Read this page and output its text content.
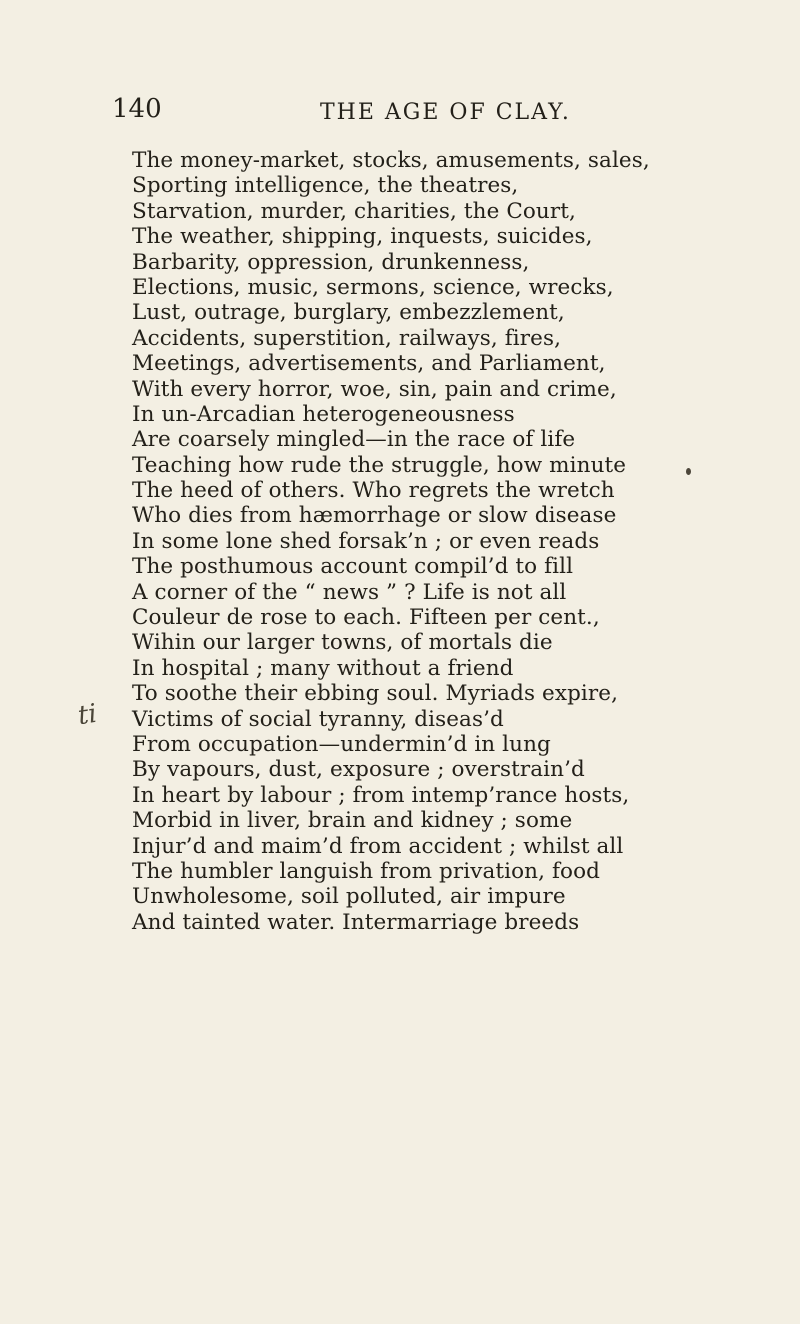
140	THE AGE OF CLAY.
ti
The money-market, stocks, amusements, sales,
Sporting intelligence, the theatres,
Starvation, murder, charities, the Court,
The weather, shipping, inquests, suicides,
Barbarity, oppression, drunkenness,
Elections, music, sermons, science, wrecks,
Lust, outrage, burglary, embezzlement,
Accidents, superstition, railways, fires,
Meetings, advertisements, and Parliament,
With every horror, woe, sin, pain and crime,
In un-Arcadian heterogeneousness
Are coarsely mingled—in the race of life
Teaching how rude the struggle, how minute
The heed of others. Who regrets the wretch
Who dies from hæmorrhage or slow disease
In some lone shed forsak’n ; or even reads
The posthumous account compil’d to fill
A corner of the “ news ” ? Life is not all
Couleur de rose to each. Fifteen per cent.,
Wihin our larger towns, of mortals die
In hospital ; many without a friend
To soothe their ebbing soul. Myriads expire,
Victims of social tyranny, diseas’d
From occupation—undermin’d in lung
By vapours, dust, exposure ; overstrain’d
In heart by labour ; from intemp’rance hosts,
Morbid in liver, brain and kidney ; some
Injur’d and maim’d from accident ; whilst all
The humbler languish from privation, food
Unwholesome, soil polluted, air impure
And tainted water. Intermarriage breeds
